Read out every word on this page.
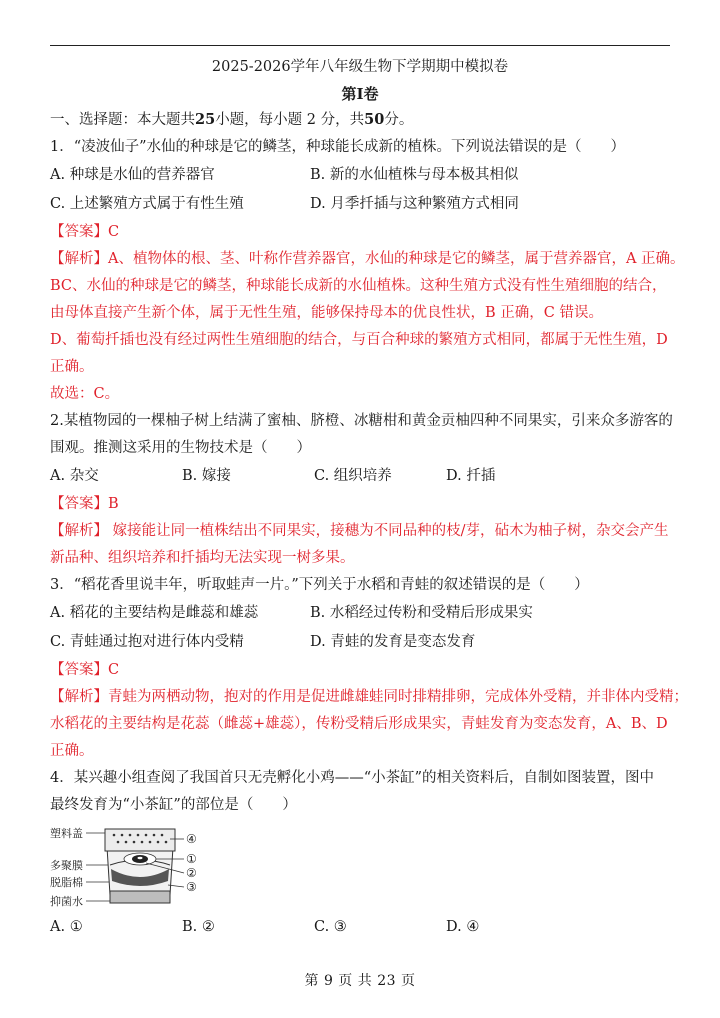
2025-2026学年八年级生物下学期期中模拟卷
第Ⅰ卷
一、选择题：本大题共25小题，每小题 2 分，共50分。
1．“凌波仙子”水仙的种球是它的鳞茎，种球能长成新的植株。下列说法错误的是（　　）
A. 种球是水仙的营养器官	B. 新的水仙植株与母本极其相似
C. 上述繁殖方式属于有性生殖	D. 月季扦插与这种繁殖方式相同
【答案】C
【解析】A、植物体的根、茎、叶称作营养器官，水仙的种球是它的鳞茎，属于营养器官，A 正确。
BC、水仙的种球是它的鳞茎，种球能长成新的水仙植株。这种生殖方式没有性生殖细胞的结合，
由母体直接产生新个体，属于无性生殖，能够保持母本的优良性状，B 正确，C 错误。
D、葡萄扦插也没有经过两性生殖细胞的结合，与百合种球的繁殖方式相同，都属于无性生殖，D
正确。
故选：C。
2.某植物园的一棵柚子树上结满了蜜柚、脐橙、冰糖柑和黄金贡柚四种不同果实，引来众多游客的
围观。推测这采用的生物技术是（　　）
A. 杂交	B. 嫁接	C. 组织培养	D. 扦插
【答案】B
【解析】 嫁接能让同一植株结出不同果实，接穗为不同品种的枝/芽，砧木为柚子树，杂交会产生
新品种、组织培养和扦插均无法实现一树多果。
3．“稻花香里说丰年，听取蛙声一片。”下列关于水稻和青蛙的叙述错误的是（　　）
A. 稻花的主要结构是雌蕊和雄蕊	B. 水稻经过传粉和受精后形成果实
C. 青蛙通过抱对进行体内受精	D. 青蛙的发育是变态发育
【答案】C
【解析】青蛙为两栖动物，抱对的作用是促进雌雄蛙同时排精排卵，完成体外受精，并非体内受精；
水稻花的主要结构是花蕊（雌蕊+雄蕊），传粉受精后形成果实，青蛙发育为变态发育，A、B、D
正确。
4．某兴趣小组查阅了我国首只无壳孵化小鸡——“小茶缸”的相关资料后，自制如图装置，图中
最终发育为“小茶缸”的部位是（　　）
塑料盖
多聚膜
脱脂棉
抑菌水
④
①
②
③
A. ①	B. ②	C. ③	D. ④
第 9 页 共 23 页
